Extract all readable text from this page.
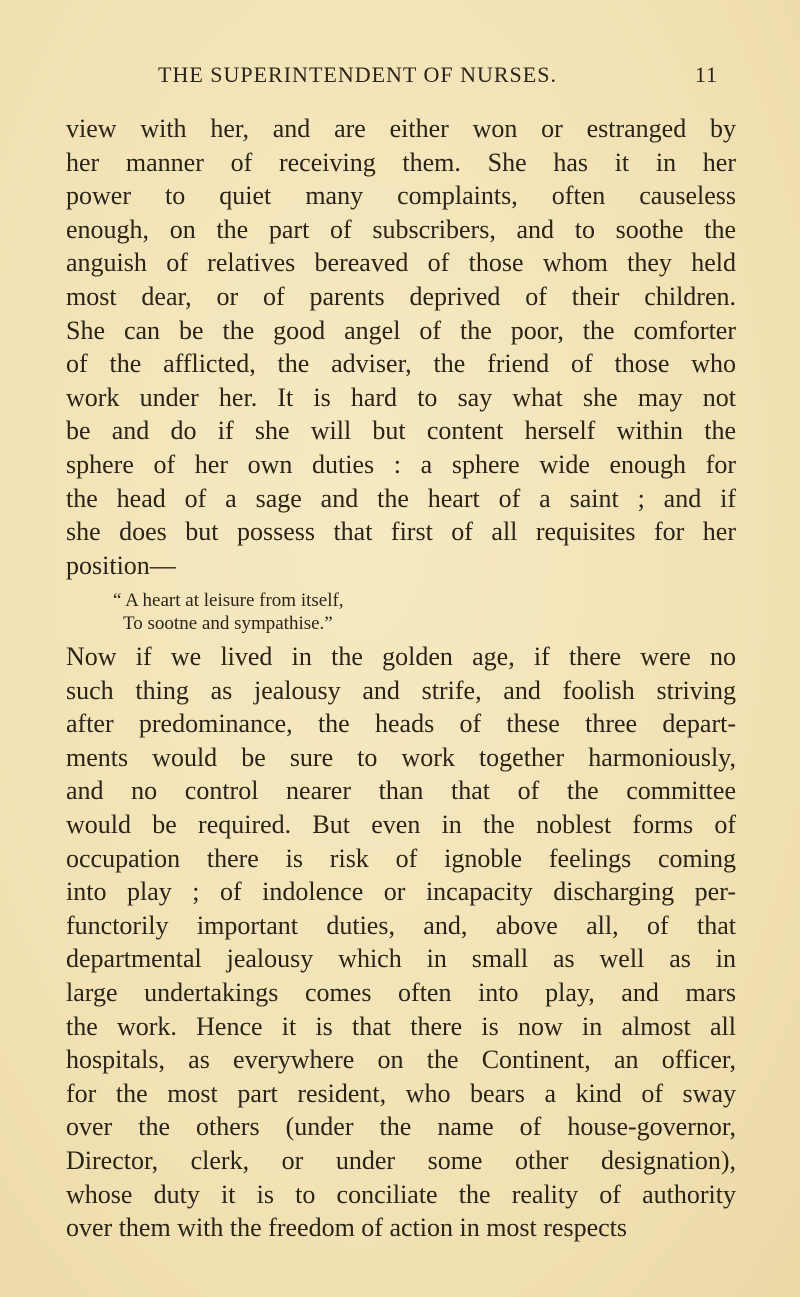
THE SUPERINTENDENT OF NURSES.	11
view with her, and are either won or estranged by
her manner of receiving them. She has it in her
power to quiet many complaints, often causeless
enough, on the part of subscribers, and to soothe the
anguish of relatives bereaved of those whom they held
most dear, or of parents deprived of their children.
She can be the good angel of the poor, the comforter
of the afflicted, the adviser, the friend of those who
work under her. It is hard to say what she may not
be and do if she will but content herself within the
sphere of her own duties : a sphere wide enough for
the head of a sage and the heart of a saint ; and if
she does but possess that first of all requisites for her
position—
“ A heart at leisure from itself,
To sootne and sympathise.”
Now if we lived in the golden age, if there were no
such thing as jealousy and strife, and foolish striving
after predominance, the heads of these three depart-
ments would be sure to work together harmoniously,
and no control nearer than that of the committee
would be required. But even in the noblest forms of
occupation there is risk of ignoble feelings coming
into play ; of indolence or incapacity discharging per-
functorily important duties, and, above all, of that
departmental jealousy which in small as well as in
large undertakings comes often into play, and mars
the work. Hence it is that there is now in almost all
hospitals, as everywhere on the Continent, an officer,
for the most part resident, who bears a kind of sway
over the others (under the name of house-governor,
Director, clerk, or under some other designation),
whose duty it is to conciliate the reality of authority
over them with the freedom of action in most respects
